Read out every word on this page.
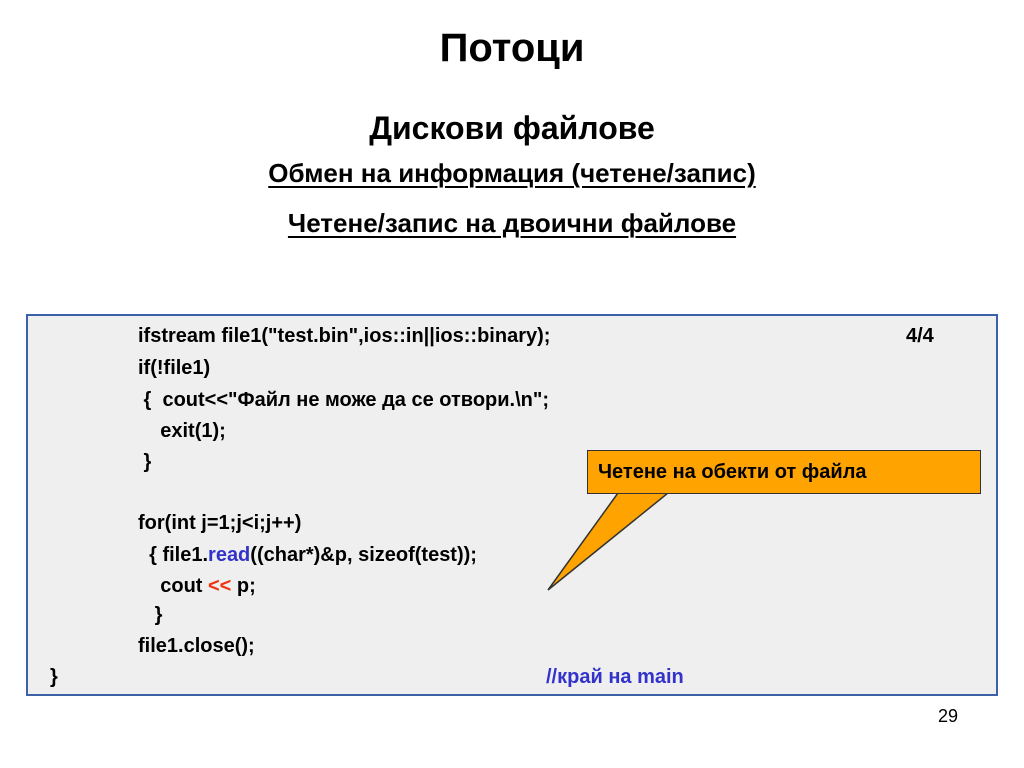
Потоци
Дискови файлове
Обмен на информация (четене/запис)
Четене/запис на двоични файлове
4/4
ifstream file1("test.bin",ios::in||ios::binary);
if(!file1)
{  cout<<"Файл не може да се отвори.\n";
exit(1);
}
for(int j=1;j<i;j++)
{ file1.read((char*)&p, sizeof(test));
cout << p;
}
file1.close();
}	//край на main
Четене на обекти от файла
29
